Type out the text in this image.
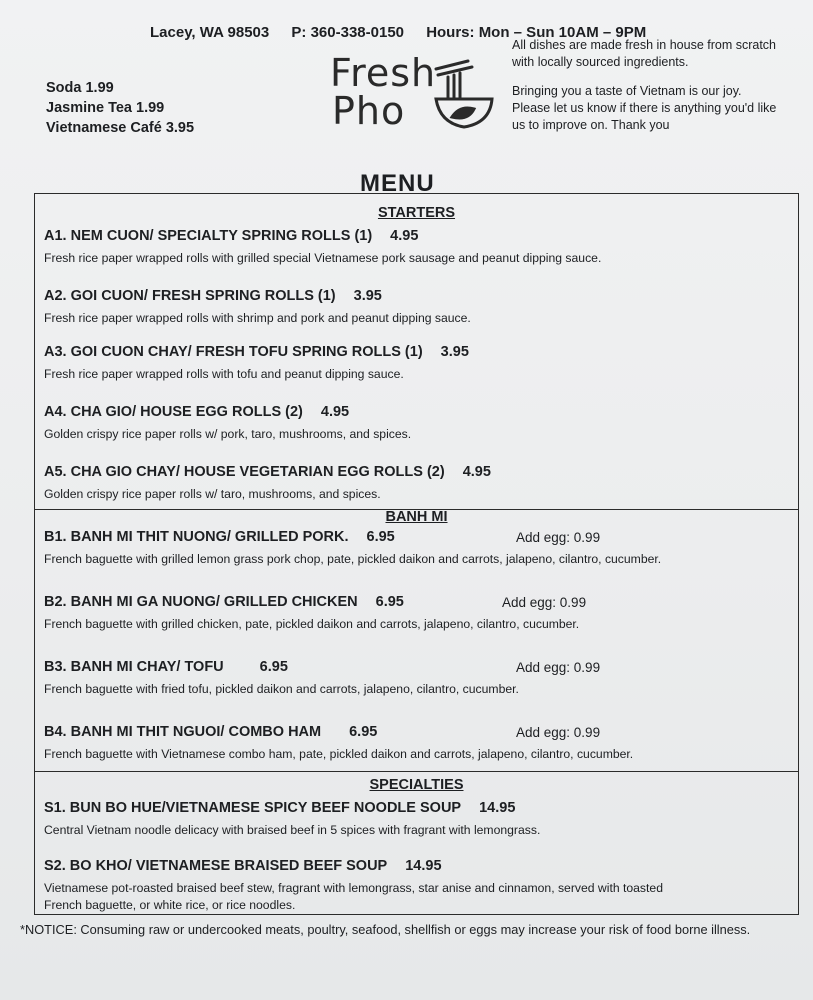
Lacey, WA 98503 P: 360-338-0150 Hours: Mon – Sun 10AM – 9PM
Soda 1.99
Jasmine Tea 1.99
Vietnamese Café 3.95
Fresh
Pho

All dishes are made fresh in house from scratch with locally sourced ingredients.

Bringing you a taste of Vietnam is our joy. Please let us know if there is anything you'd like us to improve on. Thank you

MENU
STARTERS
A1. NEM CUON/ SPECIALTY SPRING ROLLS (1) 4.95
Fresh rice paper wrapped rolls with grilled special Vietnamese pork sausage and peanut dipping sauce.
A2. GOI CUON/ FRESH SPRING ROLLS (1) 3.95
Fresh rice paper wrapped rolls with shrimp and pork and peanut dipping sauce.
A3. GOI CUON CHAY/ FRESH TOFU SPRING ROLLS (1) 3.95
Fresh rice paper wrapped rolls with tofu and peanut dipping sauce.
A4. CHA GIO/ HOUSE EGG ROLLS (2) 4.95
Golden crispy rice paper rolls w/ pork, taro, mushrooms, and spices.
A5. CHA GIO CHAY/ HOUSE VEGETARIAN EGG ROLLS (2) 4.95
Golden crispy rice paper rolls w/ taro, mushrooms, and spices.
BANH MI
B1. BANH MI THIT NUONG/ GRILLED PORK. 6.95	Add egg: 0.99
French baguette with grilled lemon grass pork chop, pate, pickled daikon and carrots, jalapeno, cilantro, cucumber.
B2. BANH MI GA NUONG/ GRILLED CHICKEN 6.95	Add egg: 0.99
French baguette with grilled chicken, pate, pickled daikon and carrots, jalapeno, cilantro, cucumber.
B3. BANH MI CHAY/ TOFU 6.95	Add egg: 0.99
French baguette with fried tofu, pickled daikon and carrots, jalapeno, cilantro, cucumber.
B4. BANH MI THIT NGUOI/ COMBO HAM 6.95	Add egg: 0.99
French baguette with Vietnamese combo ham, pate, pickled daikon and carrots, jalapeno, cilantro, cucumber.
SPECIALTIES
S1. BUN BO HUE/VIETNAMESE SPICY BEEF NOODLE SOUP 14.95
Central Vietnam noodle delicacy with braised beef in 5 spices with fragrant with lemongrass.
S2. BO KHO/ VIETNAMESE BRAISED BEEF SOUP 14.95
Vietnamese pot-roasted braised beef stew, fragrant with lemongrass, star anise and cinnamon, served with toasted
French baguette, or white rice, or rice noodles.
*NOTICE: Consuming raw or undercooked meats, poultry, seafood, shellfish or eggs may increase your risk of food borne illness.
